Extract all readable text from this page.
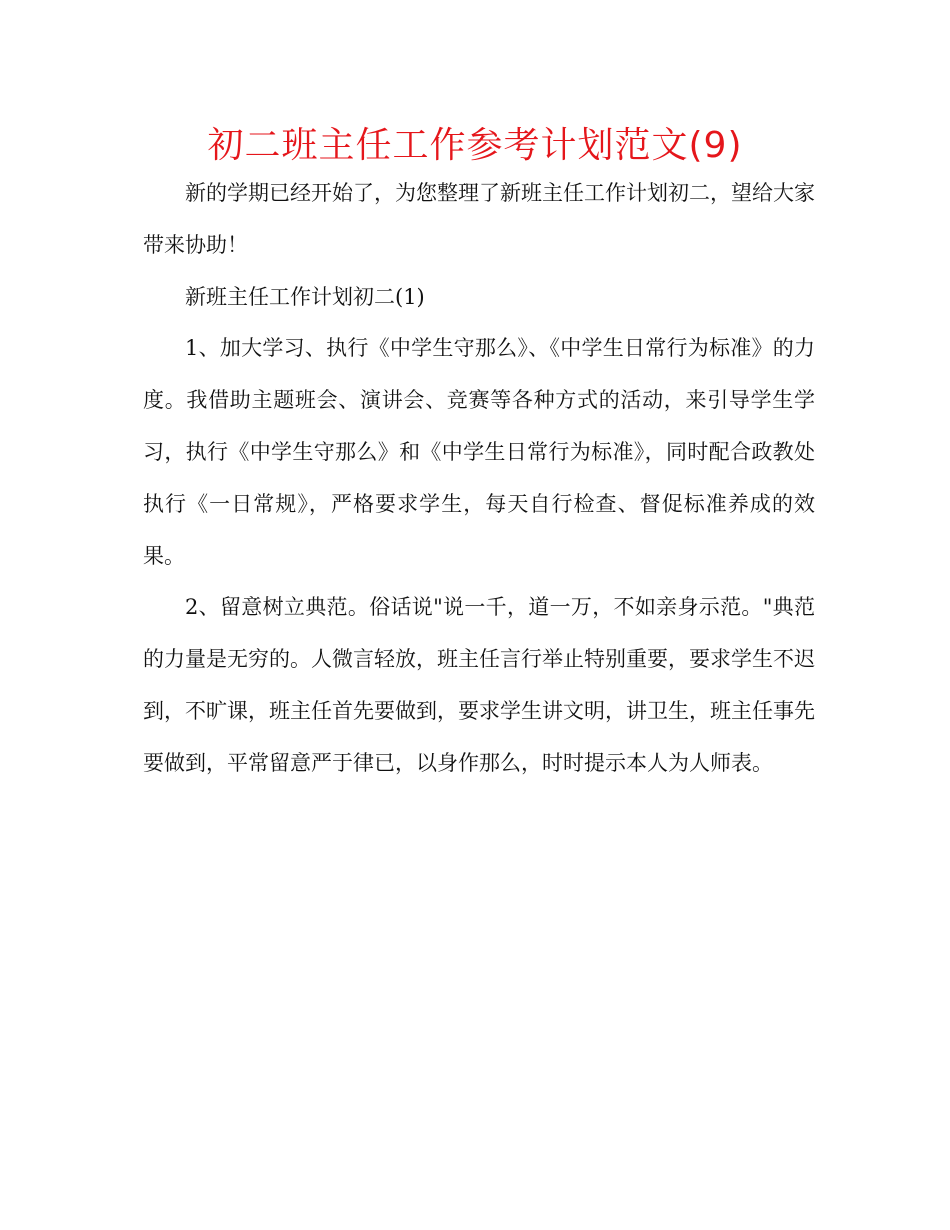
初二班主任工作参考计划范文(9)

新的学期已经开始了，为您整理了新班主任工作计划初二，望给大家带来协助！

新班主任工作计划初二(1)

1、加大学习、执行《中学生守那么》、《中学生日常行为标准》的力度。我借助主题班会、演讲会、竞赛等各种方式的活动，来引导学生学习，执行《中学生守那么》和《中学生日常行为标准》，同时配合政教处执行《一日常规》，严格要求学生，每天自行检查、督促标准养成的效果。

2、留意树立典范。俗话说"说一千，道一万，不如亲身示范。"典范的力量是无穷的。人微言轻放，班主任言行举止特别重要，要求学生不迟到，不旷课，班主任首先要做到，要求学生讲文明，讲卫生，班主任事先要做到，平常留意严于律已，以身作那么，时时提示本人为人师表。
